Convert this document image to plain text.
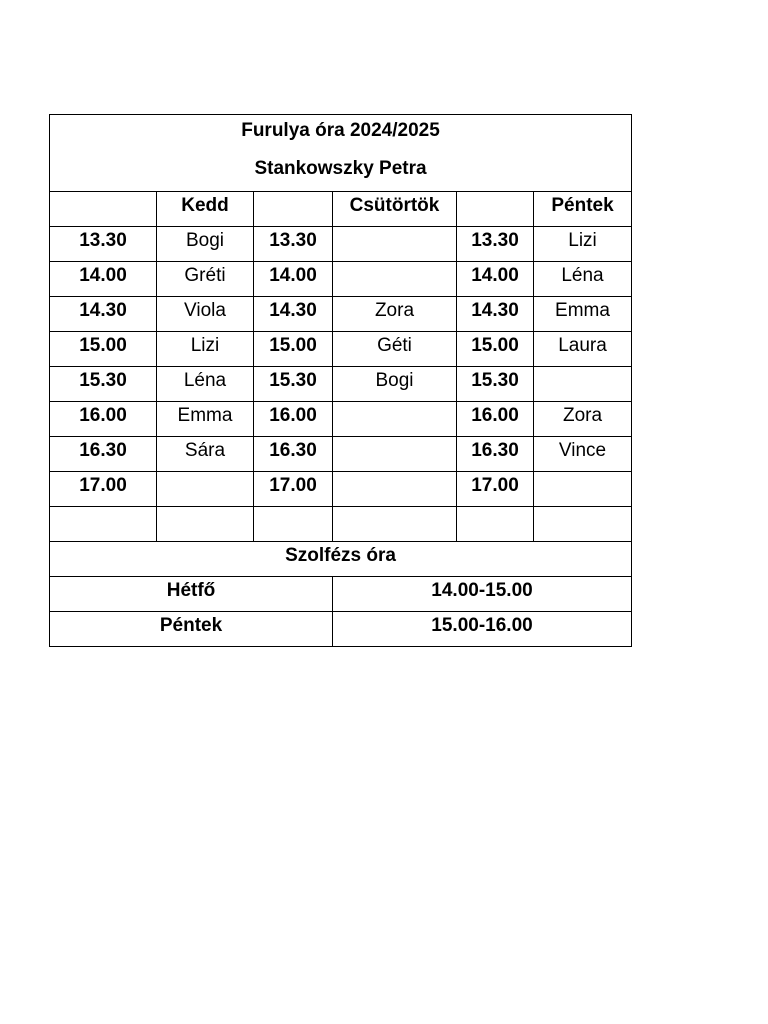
Furulya óra 2024/2025
Stankowszky Petra					

	Kedd		Csütörtök		Péntek
13.30	Bogi	13.30		13.30	Lizi
14.00	Gréti	14.00		14.00	Léna
14.30	Viola	14.30	Zora	14.30	Emma
15.00	Lizi	15.00	Géti	15.00	Laura
15.30	Léna	15.30	Bogi	15.30	
16.00	Emma	16.00		16.00	Zora
16.30	Sára	16.30		16.30	Vince
17.00		17.00		17.00	

Szolfézs óra					
Hétfő			14.00-15.00		
Péntek			15.00-16.00		
